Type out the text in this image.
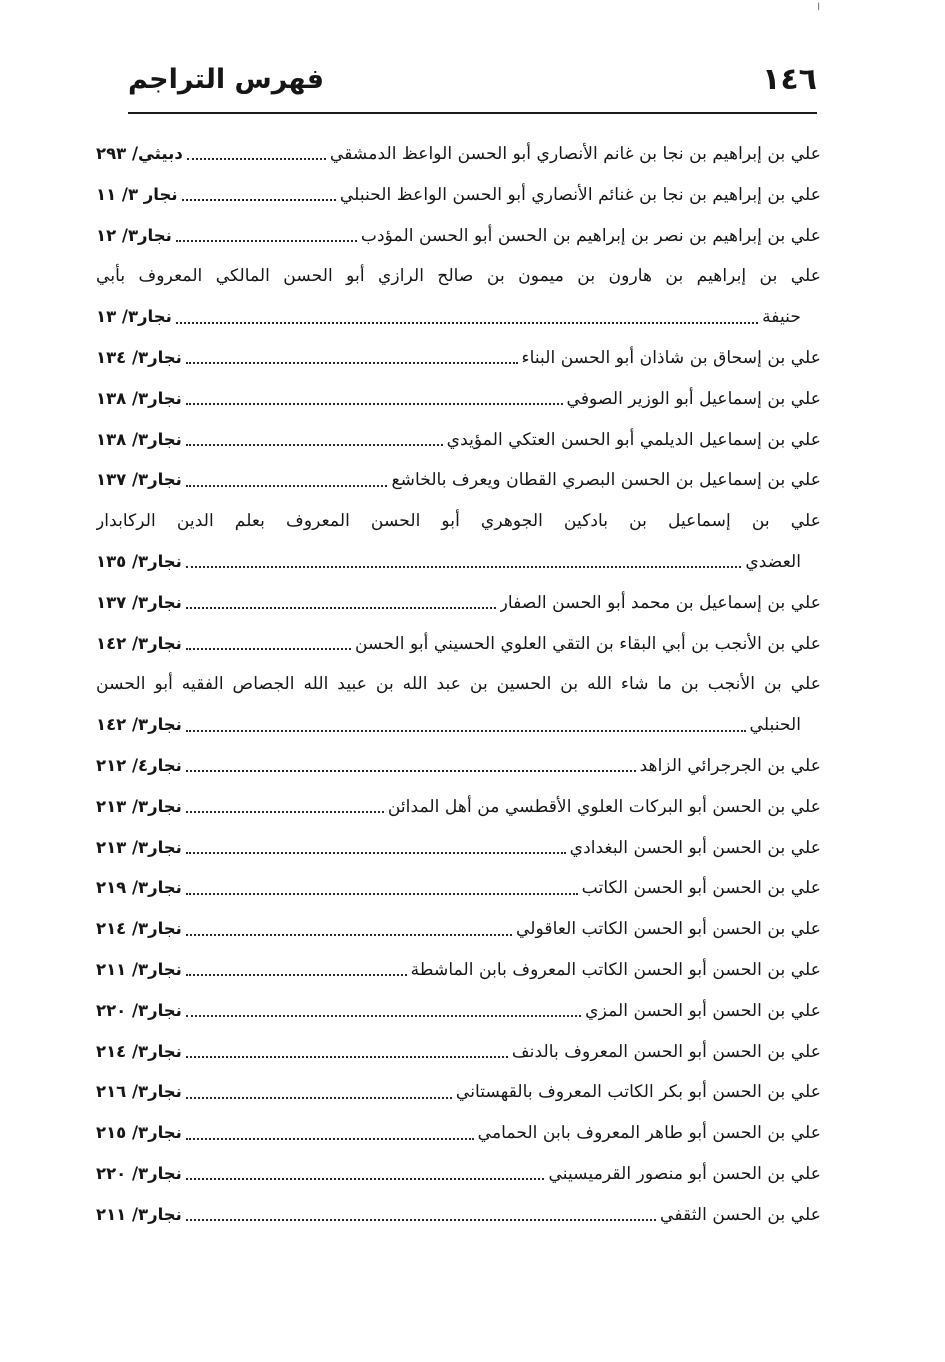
ا
١٤٦
فهرس التراجم
علي بن إبراهيم بن نجا بن غانم الأنصاري أبو الحسن الواعظ الدمشقي
دبيثي/ ٢٩٣
علي بن إبراهيم بن نجا بن غنائم الأنصاري أبو الحسن الواعظ الحنبلي
نجار ٣/ ١١
علي بن إبراهيم بن نصر بن إبراهيم بن الحسن أبو الحسن المؤدب
نجار٣/ ١٢
علي بن إبراهيم بن هارون بن ميمون بن صالح الرازي أبو الحسن المالكي المعروف بأبي
حنيفة
نجار٣/ ١٣
علي بن إسحاق بن شاذان أبو الحسن البناء
نجار٣/ ١٣٤
علي بن إسماعيل أبو الوزير الصوفي
نجار٣/ ١٣٨
علي بن إسماعيل الديلمي أبو الحسن العتكي المؤيدي
نجار٣/ ١٣٨
علي بن إسماعيل بن الحسن البصري القطان ويعرف بالخاشع
نجار٣/ ١٣٧
علي بن إسماعيل بن بادكين الجوهري أبو الحسن المعروف بعلم الدين الركابدار
العضدي
نجار٣/ ١٣٥
علي بن إسماعيل بن محمد أبو الحسن الصفار
نجار٣/ ١٣٧
علي بن الأنجب بن أبي البقاء بن التقي العلوي الحسيني أبو الحسن
نجار٣/ ١٤٢
علي بن الأنجب بن ما شاء الله بن الحسين بن عبد الله بن عبيد الله الجصاص الفقيه أبو الحسن
الحنبلي
نجار٣/ ١٤٢
علي بن الجرجرائي الزاهد
نجار٤/ ٢١٢
علي بن الحسن أبو البركات العلوي الأقطسي من أهل المدائن
نجار٣/ ٢١٣
علي بن الحسن أبو الحسن البغدادي
نجار٣/ ٢١٣
علي بن الحسن أبو الحسن الكاتب
نجار٣/ ٢١٩
علي بن الحسن أبو الحسن الكاتب العاقولي
نجار٣/ ٢١٤
علي بن الحسن أبو الحسن الكاتب المعروف بابن الماشطة
نجار٣/ ٢١١
علي بن الحسن أبو الحسن المزي
نجار٣/ ٢٢٠
علي بن الحسن أبو الحسن المعروف بالدنف
نجار٣/ ٢١٤
علي بن الحسن أبو بكر الكاتب المعروف بالقهستاني
نجار٣/ ٢١٦
علي بن الحسن أبو طاهر المعروف بابن الحمامي
نجار٣/ ٢١٥
علي بن الحسن أبو منصور القرميسيني
نجار٣/ ٢٢٠
علي بن الحسن الثقفي
نجار٣/ ٢١١
